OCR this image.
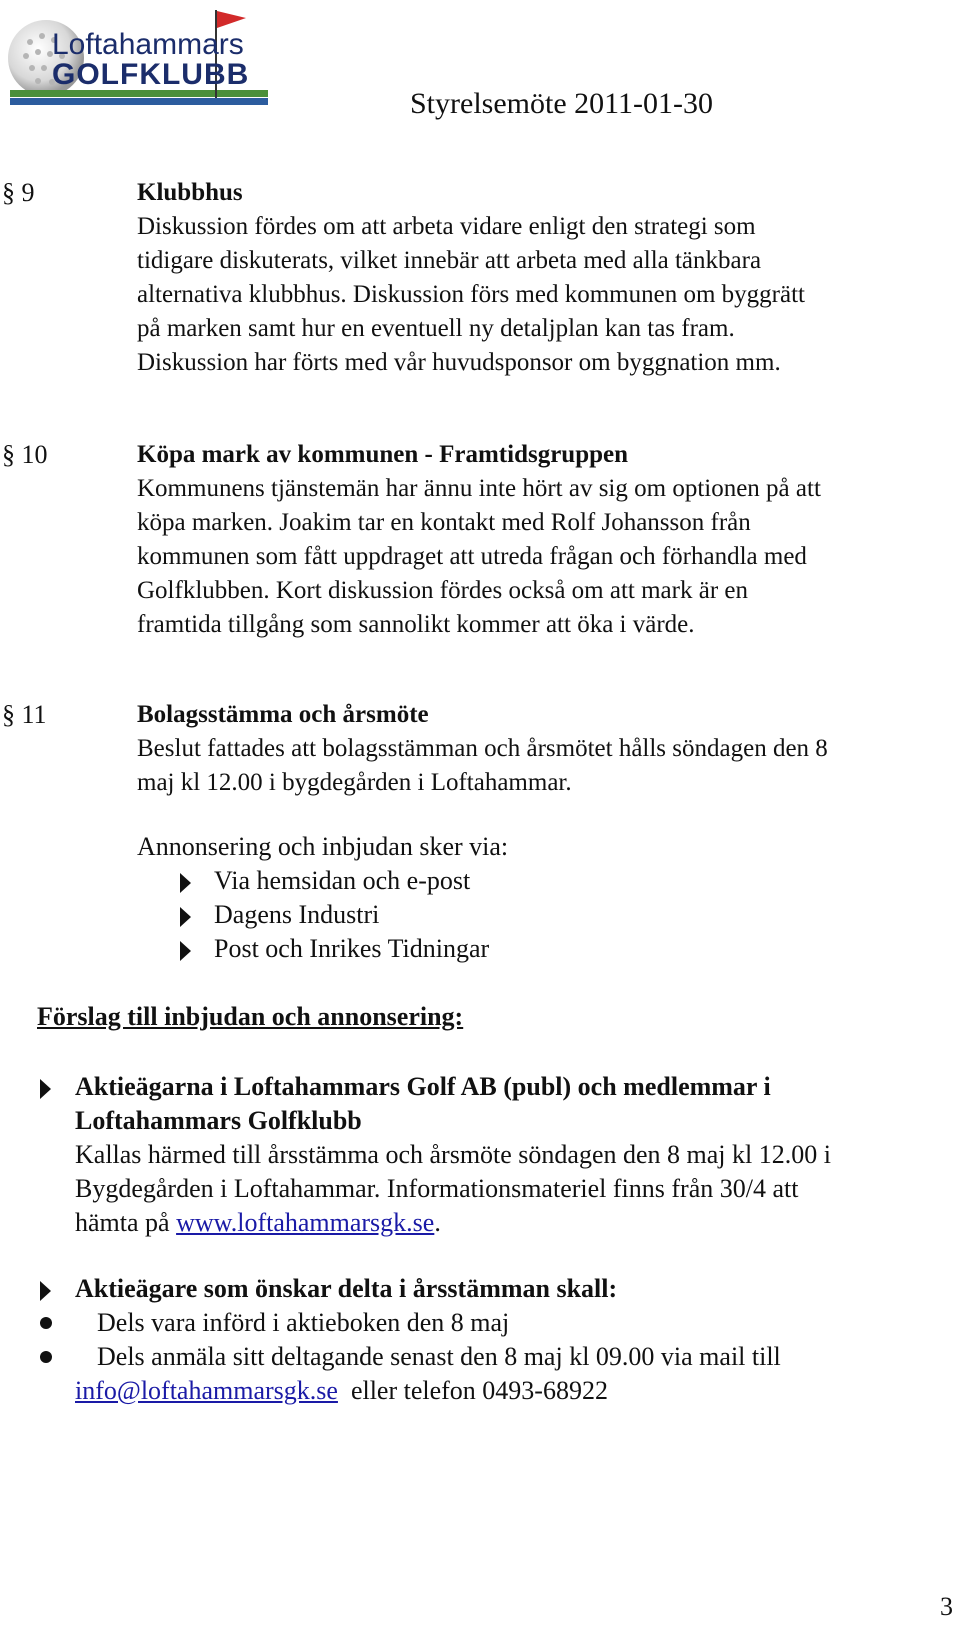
Loftahammars
GOLFKLUBB
Styrelsemöte 2011-01-30
§ 9	Klubbhus
Diskussion fördes om att arbeta vidare enligt den strategi som
tidigare diskuterats, vilket innebär att arbeta med alla tänkbara
alternativa klubbhus. Diskussion förs med kommunen om byggrätt
på marken samt hur en eventuell ny detaljplan kan tas fram.
Diskussion har förts med vår huvudsponsor om byggnation mm.
§ 10	Köpa mark av kommunen - Framtidsgruppen
Kommunens tjänstemän har ännu inte hört av sig om optionen på att
köpa marken. Joakim tar en kontakt med Rolf Johansson från
kommunen som fått uppdraget att utreda frågan och förhandla med
Golfklubben. Kort diskussion fördes också om att mark är en
framtida tillgång som sannolikt kommer att öka i värde.
§ 11	Bolagsstämma och årsmöte
Beslut fattades att bolagsstämman och årsmötet hålls söndagen den 8
maj kl 12.00 i bygdegården i Loftahammar.
Annonsering och inbjudan sker via:
Via hemsidan och e-post
Dagens Industri
Post och Inrikes Tidningar
Förslag till inbjudan och annonsering:
Aktieägarna i Loftahammars Golf AB (publ) och medlemmar i
Loftahammars Golfklubb
Kallas härmed till årsstämma och årsmöte söndagen den 8 maj kl 12.00 i
Bygdegården i Loftahammar. Informationsmateriel finns från 30/4 att
hämta på www.loftahammarsgk.se.
Aktieägare som önskar delta i årsstämman skall:
Dels vara införd i aktieboken den 8 maj
Dels anmäla sitt deltagande senast den 8 maj kl 09.00 via mail till
info@loftahammarsgk.se  eller telefon 0493-68922
3
